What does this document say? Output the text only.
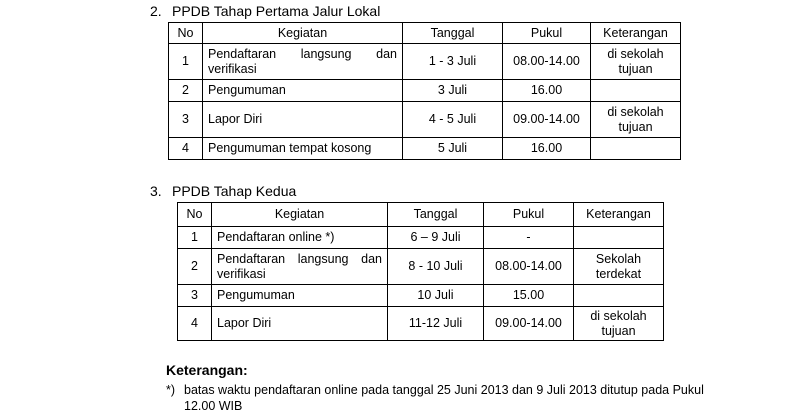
2. PPDB Tahap Pertama Jalur Lokal
No	Kegiatan	Tanggal	Pukul	Keterangan
1	Pendaftaran langsung dan verifikasi	1 - 3 Juli	08.00-14.00	di sekolah tujuan
2	Pengumuman	3 Juli	16.00	
3	Lapor Diri	4 - 5 Juli	09.00-14.00	di sekolah tujuan
4	Pengumuman tempat kosong	5 Juli	16.00	
3. PPDB Tahap Kedua
No	Kegiatan	Tanggal	Pukul	Keterangan
1	Pendaftaran online *)	6 – 9 Juli	-	
2	Pendaftaran langsung dan verifikasi	8 - 10 Juli	08.00-14.00	Sekolah terdekat
3	Pengumuman	10 Juli	15.00	
4	Lapor Diri	11-12 Juli	09.00-14.00	di sekolah tujuan
Keterangan:
*) batas waktu pendaftaran online pada tanggal 25 Juni 2013 dan 9 Juli 2013 ditutup pada Pukul 12.00 WIB
